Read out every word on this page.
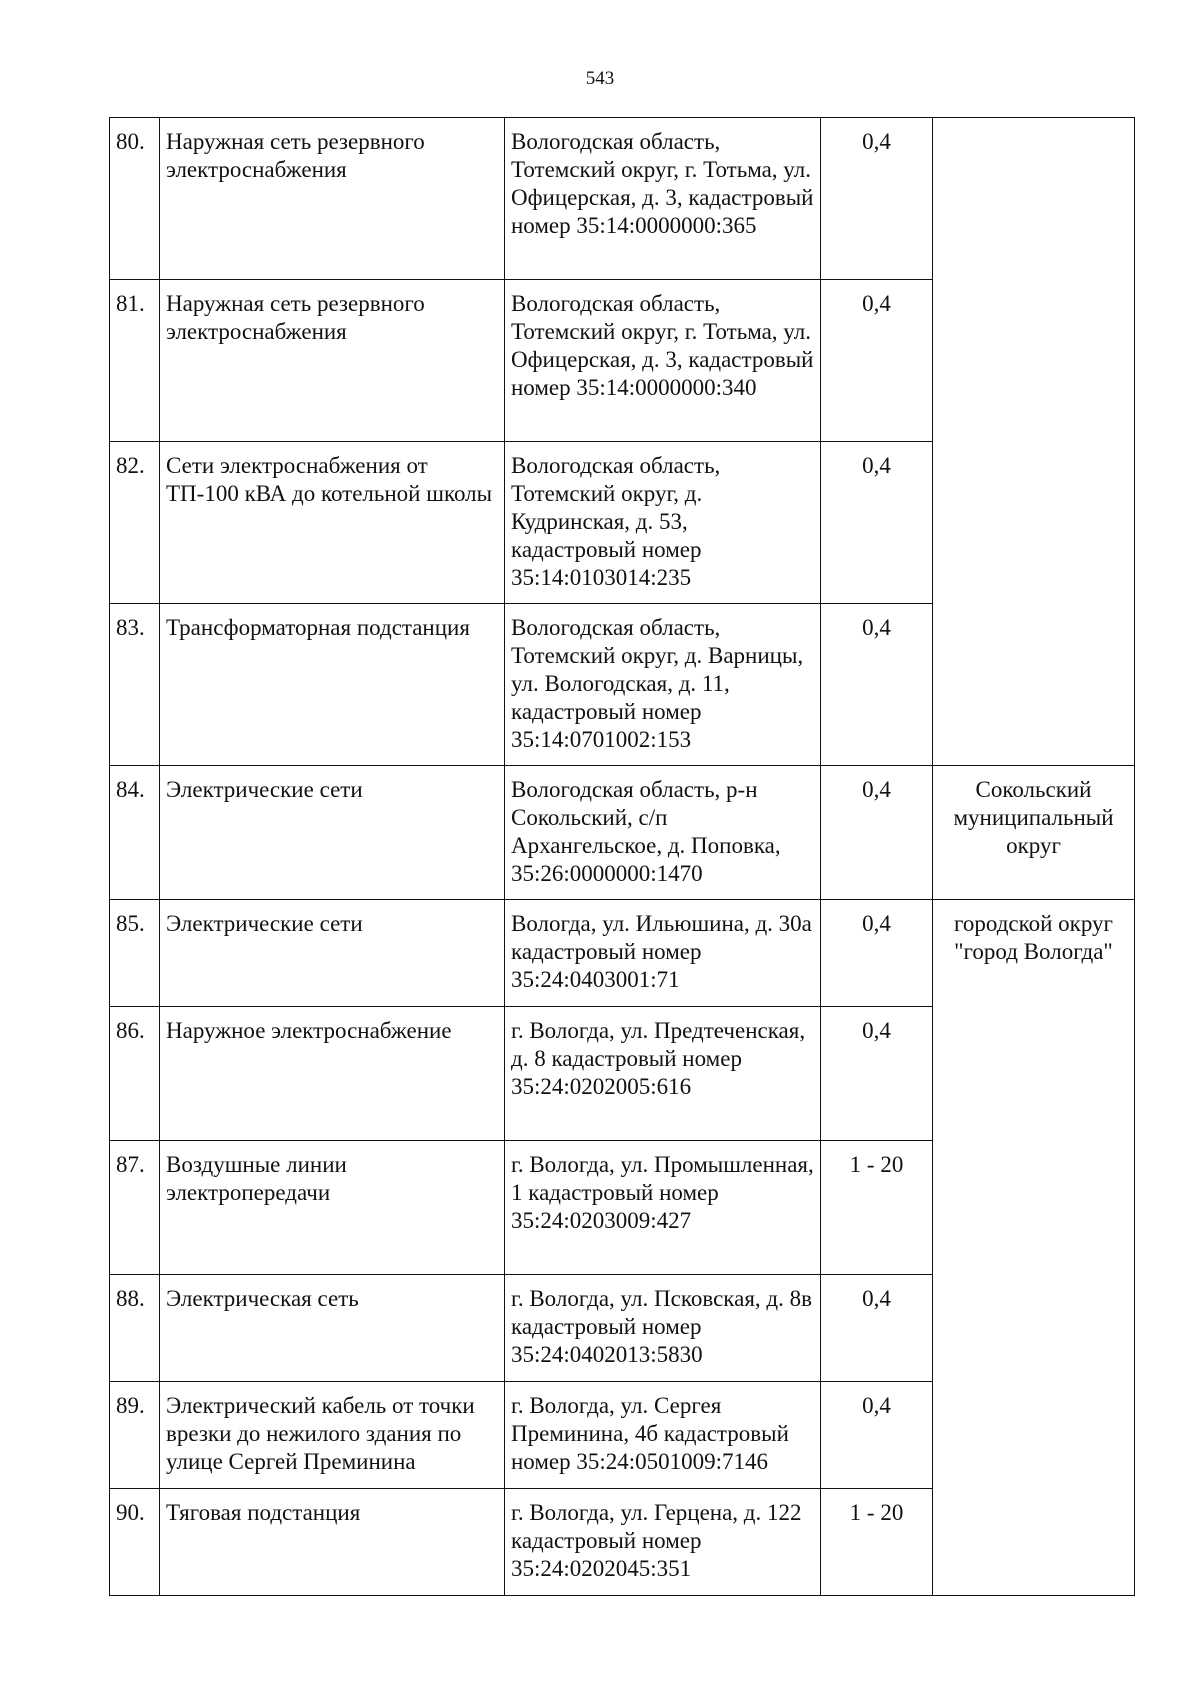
543
80.	Наружная сеть резервного электроснабжения	Вологодская область, Тотемский округ, г. Тотьма, ул. Офицерская, д. 3, кадастровый номер 35:14:0000000:365	0,4	
81.	Наружная сеть резервного электроснабжения	Вологодская область, Тотемский округ, г. Тотьма, ул. Офицерская, д. 3, кадастровый номер 35:14:0000000:340	0,4	
82.	Сети электроснабжения от ТП-100 кВА до котельной школы	Вологодская область, Тотемский округ, д. Кудринская, д. 53, кадастровый номер 35:14:0103014:235	0,4	
83.	Трансформаторная подстанция	Вологодская область, Тотемский округ, д. Варницы, ул. Вологодская, д. 11, кадастровый номер 35:14:0701002:153	0,4	
84.	Электрические сети	Вологодская область, р-н Сокольский, с/п Архангельское, д. Поповка, 35:26:0000000:1470	0,4	Сокольский муниципальный округ
85.	Электрические сети	Вологда, ул. Ильюшина, д. 30а кадастровый номер 35:24:0403001:71	0,4	городской округ "город Вологда"
86.	Наружное электроснабжение	г. Вологда, ул. Предтеченская, д. 8 кадастровый номер 35:24:0202005:616	0,4	
87.	Воздушные линии электропередачи	г. Вологда, ул. Промышленная, 1 кадастровый номер 35:24:0203009:427	1 - 20	
88.	Электрическая сеть	г. Вологда, ул. Псковская, д. 8в кадастровый номер 35:24:0402013:5830	0,4	
89.	Электрический кабель от точки врезки до нежилого здания по улице Сергей Преминина	г. Вологда, ул. Сергея Преминина, 4б кадастровый номер 35:24:0501009:7146	0,4	
90.	Тяговая подстанция	г. Вологда, ул. Герцена, д. 122 кадастровый номер 35:24:0202045:351	1 - 20	
